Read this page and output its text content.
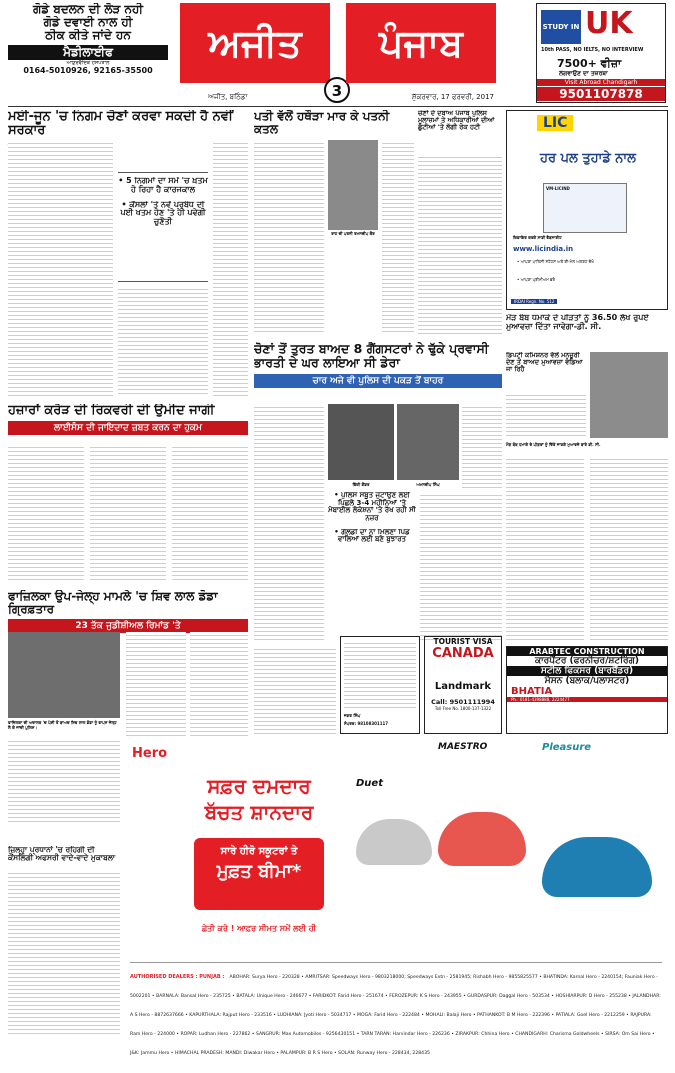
ਗੋਡੇ ਬਦਲਨ ਦੀ ਲੋੜ ਨਹੀ
ਗੋਡੇ ਦਵਾਈ ਨਾਲ ਹੀ
ਠੀਕ ਕੀਤੇ ਜਾਂਦੇ ਹਨ
ਮੈਡੀਲਾਈਫ
ਆਯੁਰਵੈਦਿਕ ਹਸਪਤਾਲ
0164-5010926, 92165-35500
ਅਜੀਤ
3
ਪੰਜਾਬ
ਅਜੀਤ, ਬਠਿੰਡਾ	ਸ਼ੁੱਕਰਵਾਰ, 17 ਫਰਵਰੀ, 2017
STUDY IN UK
10th PASS, NO IELTS, NO INTERVIEW
7500+ ਵੀਜ਼ਾ
ਲਗਵਾਉਣ ਦਾ ਤਜ਼ਰਬਾ
Visit Abroad Chandigarh
9501107878
ਮਈ-ਜੂਨ 'ਚ ਨਿਗਮ ਚੋਣਾਂ ਕਰਵਾ ਸਕਦੀ ਹੈ ਨਵੀਂ ਸਰਕਾਰ
• 5 ਨਿਗਮਾਂ ਦਾ ਸਮੇਂ 'ਚ ਖ਼ਤਮ ਹੋ ਰਿਹਾ ਹੈ ਕਾਰਜਕਾਲ
• ਕੌਂਸਲਾਂ 'ਤੇ ਨਵੇਂ ਪ੍ਰਬੰਧ ਦੀ ਪਈ ਖਤਮ ਹੋਣ 'ਤੇ ਹੀ ਪਵੇਗੀ ਚੁਣੌਤੀ
ਪਤੀ ਵੱਲੋਂ ਹਥੌੜਾ ਮਾਰ ਕੇ ਪਤਨੀ ਕਤਲ
ਰਾਹ ਦੀ ਪਤਨੀ ਰਮਨਦੀਪ ਕੌਰ
ਚੋਣਾਂ ਦੇ ਦਬਾਅ ਪੰਜਾਬ ਪੁਲਿਸ ਮੁਲਾਜ਼ਮਾਂ ਤੇ ਅਧਿਕਾਰੀਆਂ ਦੀਆਂ ਛੁੱਟੀਆਂ 'ਤੇ ਲੱਗੀ ਰੋਕ ਹਟੀ	LIC
ਹਰ ਪਲ ਤੁਹਾਡੇ ਨਾਲ
VM-LICIND
ਕਿਫ਼ਾਇਤ ਕਰਕੇ ਸਾਡੀ ਵੈਬਸਾਈਟ
www.licindia.in
• ਆਪਣਾ ਪਾਲਿਸੀ ਸਟੇਟਸ ਅਤੇ ਈ-ਮੇਲ ਅਲਰਟ ਦੇਖੋ
• ਆਪਣਾ ਪ੍ਰੀਮੀਅਮ ਭਰੋ
IRDAI Regn. No. 512
ਚੋਣਾਂ ਤੋਂ ਤੁਰਤ ਬਾਅਦ 8 ਗੈਂਗਸਟਰਾਂ ਨੇ ਢੁੱਕੇ ਪ੍ਰਵਾਸੀ ਭਾਰਤੀ ਦੇ ਘਰ ਲਾਇਆ ਸੀ ਡੇਰਾ
ਚਾਰ ਅਜੇ ਵੀ ਪੁਲਿਸ ਦੀ ਪਕੜ ਤੋਂ ਬਾਹਰ
ਵਿੱਕੀ ਗੌਂਡਰ	ਅਮਨਦੀਪ ਸਿੰਘ
• ਪੁਲਿਸ ਸਬੂਤ ਜੁਟਾਉਣ ਲਈ ਪਿਛਲੇ 3-4 ਮਹੀਨਿਆਂ 'ਤੇ ਮੋਬਾਈਲ ਲੋਕੇਸ਼ਨਾਂ 'ਤੇ ਰੱਖ ਰਹੀ ਸੀ ਨਜ਼ਰ
• ਗੋਲਡੀ ਦਾ ਨਾ ਮਿਲਣਾ ਪਿੰਡ ਵਾਲਿਆਂ ਲਈ ਬਣੇ ਬੁਝਾਰਤ
ਮੌੜ ਬੰਬ ਧਮਾਕੇ ਦੇ ਪੀੜਤਾਂ ਨੂੰ 36.50 ਲੱਖ ਰੁਪਏ ਮੁਆਵਜ਼ਾ ਦਿੱਤਾ ਜਾਵੇਗਾ-ਡੀ. ਸੀ.
ਡਿਪਟੀ ਕਮਿਸ਼ਨਰ ਵੱਲੋਂ ਮਨਜ਼ੂਰੀ ਦੇਣ ਤੋਂ ਬਾਅਦ ਮੁਆਵਜ਼ਾ ਵੰਡਿਆ ਜਾ ਰਿਹੈ
ਮੌੜ ਬੰਬ ਧਮਾਕੇ ਦੇ ਪੀੜਤਾਂ ਨੂੰ ਦਿੱਤੇ ਜਾਣਗੇ ਮੁਆਵਜ਼ੇ ਬਾਰੇ ਡੀ. ਸੀ.
ਹਜ਼ਾਰਾਂ ਕਰੋੜ ਦੀ ਰਿਕਵਰੀ ਦੀ ਉਮੀਦ ਜਾਗੀ
ਲਾਈਸੰਸ ਦੀ ਜਾਇਦਾਦ ਜ਼ਬਤ ਕਰਨ ਦਾ ਹੁਕਮ
ਫਾਜ਼ਿਲਕਾ ਉਪ-ਜੇਲ੍ਹ ਮਾਮਲੇ 'ਚ ਸ਼ਿਵ ਲਾਲ ਡੋਡਾ ਗ੍ਰਿਫ਼ਤਾਰ
23 ਤੱਕ ਜੁਡੀਸ਼ੀਅਲ ਰਿਮਾਂਡ 'ਤੇ
ਫਾਜ਼ਿਲਕਾ ਦੀ ਅਦਾਲਤ 'ਚ ਪੇਸ਼ੀ ਤੋਂ ਬਾਅਦ ਸ਼ਿਵ ਲਾਲ ਡੋਡਾ ਨੂੰ ਵਾਪਸ ਜੇਲ੍ਹ ਲੈ ਕੇ ਜਾਂਦੀ ਪੁਲਿਸ।
ਜ਼ਿਲ੍ਹਾ ਪ੍ਰਧਾਨਾਂ 'ਚ ਰਹਿਗੀ ਦੀ ਕੌਂਸਲਿੰਗੀ ਅਫਸਰੀ ਵਾਦੇ-ਵਾਦੇ ਮੁਕਾਬਲਾ
ਜਗਤ ਸਿੰਘ
ਸੰਪਰਕ: 98108301117
TOURIST VISA
CANADA
Landmark
Call: 9501111994
Toll Free No. 1800-137-1322
ARABTEC CONSTRUCTION
ਕਾਰਪੈਂਟਰ (ਫਰਨੀਚਰ/ਸ਼ਟਰਿੰਗ)
ਸਟੀਲ ਫਿਕਸਰ (ਬਾਰਬੈਂਡਰ)
ਮੈਸਨ (ਬਲਾਕ/ਪਲਾਸਟਰ)
BHATIA
Ph.: 0181-4398888, 2224477
Hero
ਸਫ਼ਰ ਦਮਦਾਰ
ਬੱਚਤ ਸ਼ਾਨਦਾਰ
ਸਾਰੇ ਹੀਰੋ ਸਕੂਟਰਾਂ ਤੇ
ਮੁਫ਼ਤ ਬੀਮਾ*
ਛੇਤੀ ਕਰੋ ! ਆਫ਼ਰ ਸੀਮਤ ਸਮੇਂ ਲਈ ਹੀ
Duet
MAESTRO	Pleasure
AUTHORISED DEALERS : PUNJAB : ABOHAR: Surya Hero - 220328 • AMRITSAR: Speedways Hero - 9803218000; Speedways Extn - 2581945; Rishabh Hero - 9855825577 • BHATINDA: Karnal Hero - 2240154; Fauniak Hero - 5002201 • BARNALA: Bansal Hero - 235725 • BATALA: Unique Hero - 246677 • FARIDKOT: Farid Hero - 251674 • FEROZEPUR: K S Hero - 243955 • GURDASPUR: Daggal Hero - 503534 • HOSHIARPUR: D Hero - 255238 • JALANDHAR: A S Hero - 8872637666 • KAPURTHALA: Rajput Hero - 233516 • LUDHIANA: Jyoti Hero - 5034717 • MOGA: Farid Hero - 222484 • MOHALI: Balaji Hero • PATHANKOT: B M Hero - 222396 • PATIALA: Goel Hero - 2212259 • RAJPURA: Ram Hero - 224000 • ROPAR: Ludhan Hero - 227862 • SANGRUR: Max Automobiles - 9256430151 • TARN TARAN: Harvindar Hero - 226236 • ZIRAKPUR: Chhina Hero • CHANDIGARH: Charisma Goldwheels • SIRSA: Om Sai Hero • J&K: Jammu Hero • HIMACHAL PRADESH: MANDI: Diwakar Hero • PALAMPUR: B R S Hero • SOLAN: Runway Hero - 228434, 228435
